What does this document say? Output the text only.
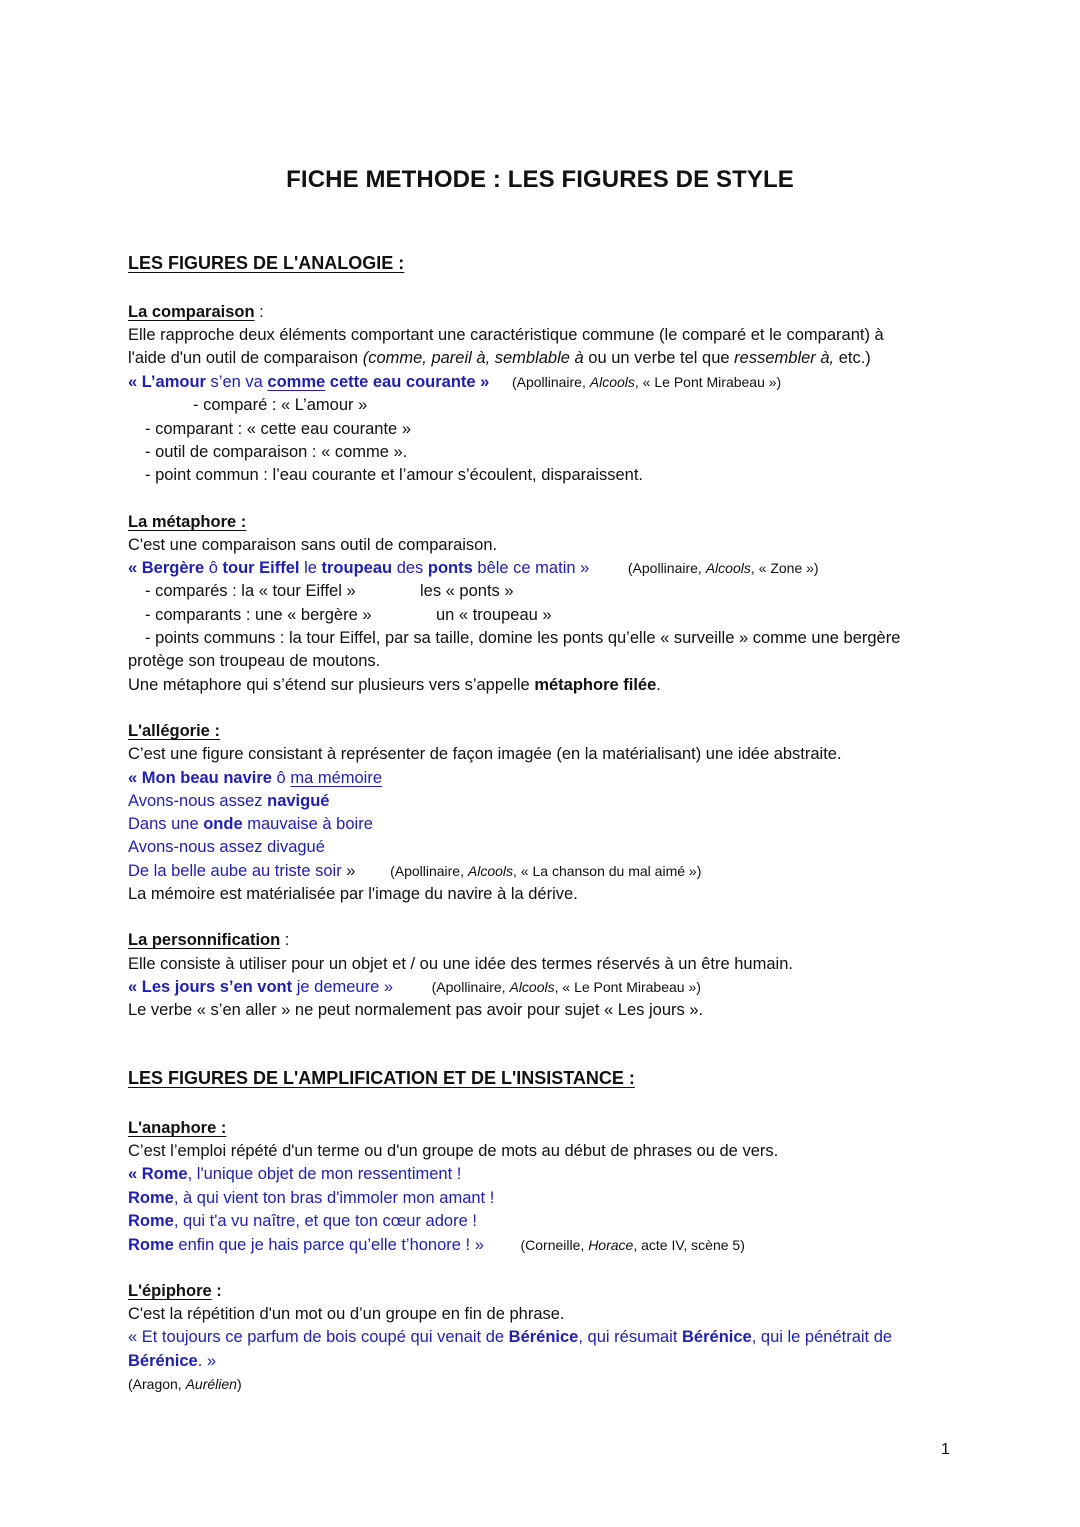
FICHE METHODE : LES FIGURES DE STYLE
LES FIGURES DE L'ANALOGIE :
La comparaison :
Elle rapproche deux éléments comportant une caractéristique commune (le comparé et le comparant) à
l'aide d'un outil de comparaison (comme, pareil à, semblable à ou un verbe tel que ressembler à, etc.)
« L’amour s’en va comme cette eau courante » (Apollinaire, Alcools, « Le Pont Mirabeau »)
- comparé : « L’amour »
- comparant : « cette eau courante »
- outil de comparaison : « comme ».
- point commun : l’eau courante et l’amour s’écoulent, disparaissent.
La métaphore :
C'est une comparaison sans outil de comparaison.
« Bergère ô tour Eiffel le troupeau des ponts bêle ce matin »	(Apollinaire, Alcools, « Zone »)
- comparés : la « tour Eiffel »	les « ponts »
- comparants : une « bergère »	un « troupeau »
- points communs : la tour Eiffel, par sa taille, domine les ponts qu’elle « surveille » comme une bergère
protège son troupeau de moutons.
Une métaphore qui s’étend sur plusieurs vers s’appelle métaphore filée.
L'allégorie :
C’est une figure consistant à représenter de façon imagée (en la matérialisant) une idée abstraite.
« Mon beau navire ô ma mémoire
Avons-nous assez navigué
Dans une onde mauvaise à boire
Avons-nous assez divagué
De la belle aube au triste soir » (Apollinaire, Alcools, « La chanson du mal aimé »)
La mémoire est matérialisée par l'image du navire à la dérive.
La personnification :
Elle consiste à utiliser pour un objet et / ou une idée des termes réservés à un être humain.
« Les jours s’en vont je demeure »	(Apollinaire, Alcools, « Le Pont Mirabeau »)
Le verbe « s’en aller » ne peut normalement pas avoir pour sujet « Les jours ».
LES FIGURES DE L'AMPLIFICATION ET DE L'INSISTANCE :
L'anaphore :
C’est l’emploi répété d'un terme ou d'un groupe de mots au début de phrases ou de vers.
« Rome, l'unique objet de mon ressentiment !
Rome, à qui vient ton bras d'immoler mon amant !
Rome, qui t'a vu naître, et que ton cœur adore !
Rome enfin que je hais parce qu’elle t’honore ! »	(Corneille, Horace, acte IV, scène 5)
L'épiphore :
C'est la répétition d'un mot ou d’un groupe en fin de phrase.
« Et toujours ce parfum de bois coupé qui venait de Bérénice, qui résumait Bérénice, qui le pénétrait de
Bérénice. »
(Aragon, Aurélien)
1
